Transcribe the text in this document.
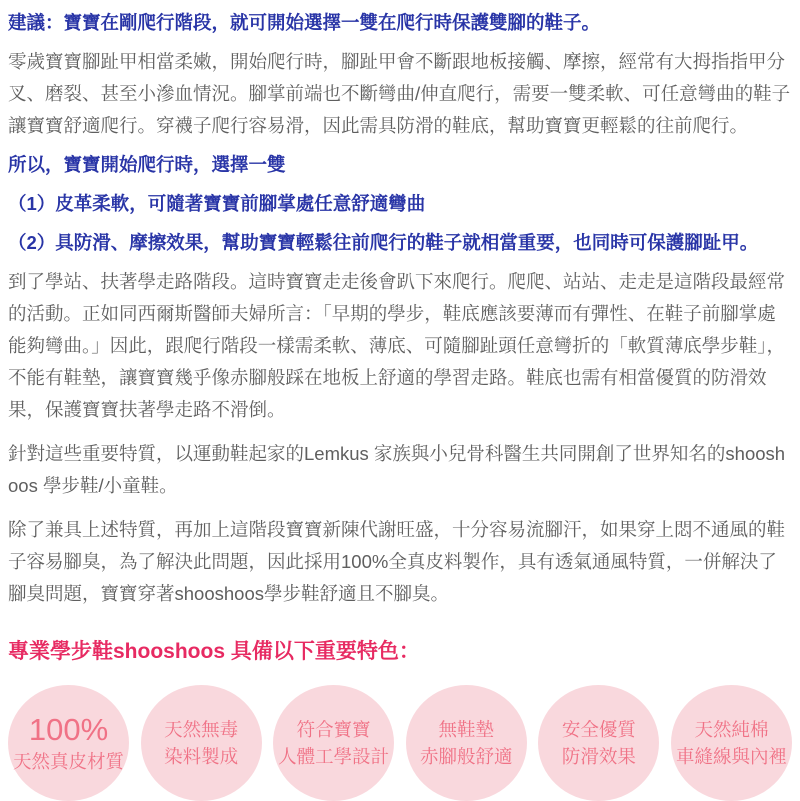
建議：寶寶在剛爬行階段，就可開始選擇一雙在爬行時保護雙腳的鞋子。

零歲寶寶腳趾甲相當柔嫩，開始爬行時，腳趾甲會不斷跟地板接觸、摩擦，經常有大拇指指甲分叉、磨裂、甚至小滲血情況。腳掌前端也不斷彎曲/伸直爬行，需要一雙柔軟、可任意彎曲的鞋子讓寶寶舒適爬行。穿襪子爬行容易滑，因此需具防滑的鞋底，幫助寶寶更輕鬆的往前爬行。

所以，寶寶開始爬行時，選擇一雙

（1）皮革柔軟，可隨著寶寶前腳掌處任意舒適彎曲

（2）具防滑、摩擦效果，幫助寶寶輕鬆往前爬行的鞋子就相當重要，也同時可保護腳趾甲。

到了學站、扶著學走路階段。這時寶寶走走後會趴下來爬行。爬爬、站站、走走是這階段最經常的活動。正如同西爾斯醫師夫婦所言：「早期的學步，鞋底應該要薄而有彈性、在鞋子前腳掌處能夠彎曲。」因此，跟爬行階段一樣需柔軟、薄底、可隨腳趾頭任意彎折的「軟質薄底學步鞋」，不能有鞋墊，讓寶寶幾乎像赤腳般踩在地板上舒適的學習走路。鞋底也需有相當優質的防滑效果，保護寶寶扶著學走路不滑倒。

針對這些重要特質，以運動鞋起家的Lemkus 家族與小兒骨科醫生共同開創了世界知名的shooshoos 學步鞋/小童鞋。

除了兼具上述特質，再加上這階段寶寶新陳代謝旺盛，十分容易流腳汗，如果穿上悶不通風的鞋子容易腳臭，為了解決此問題，因此採用100%全真皮料製作，具有透氣通風特質，一併解決了腳臭問題，寶寶穿著shooshoos學步鞋舒適且不腳臭。

專業學步鞋shooshoos 具備以下重要特色：

100%
天然真皮材質
天然無毒
染料製成
符合寶寶
人體工學設計
無鞋墊
赤腳般舒適
安全優質
防滑效果
天然純棉
車縫線與內裡
